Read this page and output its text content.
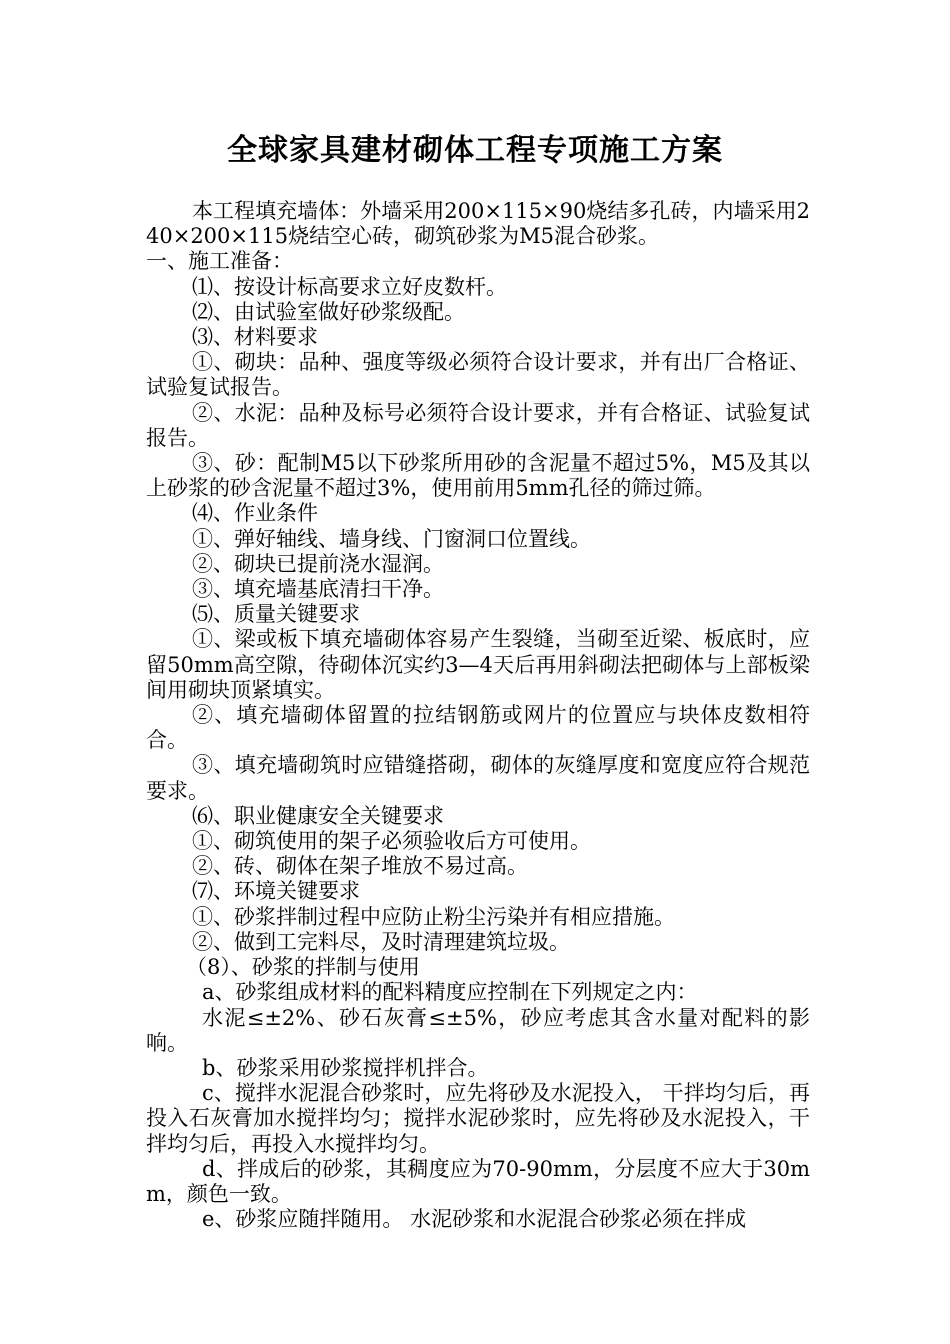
全球家具建材砌体工程专项施工方案

本工程填充墙体：外墙采用200×115×90烧结多孔砖，内墙采用240×200×115烧结空心砖，砌筑砂浆为M5混合砂浆。

一、施工准备：

⑴、按设计标高要求立好皮数杆。

⑵、由试验室做好砂浆级配。

⑶、材料要求

①、砌块：品种、强度等级必须符合设计要求，并有出厂合格证、试验复试报告。

②、水泥：品种及标号必须符合设计要求，并有合格证、试验复试报告。

③、砂：配制M5以下砂浆所用砂的含泥量不超过5%，M5及其以上砂浆的砂含泥量不超过3%，使用前用5mm孔径的筛过筛。

⑷、作业条件

①、弹好轴线、墙身线、门窗洞口位置线。

②、砌块已提前浇水湿润。

③、填充墙基底清扫干净。

⑸、质量关键要求

①、梁或板下填充墙砌体容易产生裂缝，当砌至近梁、板底时，应留50mm高空隙，待砌体沉实约3—4天后再用斜砌法把砌体与上部板梁间用砌块顶紧填实。

②、填充墙砌体留置的拉结钢筋或网片的位置应与块体皮数相符合。

③、填充墙砌筑时应错缝搭砌，砌体的灰缝厚度和宽度应符合规范要求。

⑹、职业健康安全关键要求

①、砌筑使用的架子必须验收后方可使用。

②、砖、砌体在架子堆放不易过高。

⑺、环境关键要求

①、砂浆拌制过程中应防止粉尘污染并有相应措施。

②、做到工完料尽，及时清理建筑垃圾。

（8）、砂浆的拌制与使用

a、砂浆组成材料的配料精度应控制在下列规定之内：

水泥≤±2%、砂石灰膏≤±5%，砂应考虑其含水量对配料的影响。

b、砂浆采用砂浆搅拌机拌合。

c、搅拌水泥混合砂浆时，应先将砂及水泥投入， 干拌均匀后，再投入石灰膏加水搅拌均匀；搅拌水泥砂浆时，应先将砂及水泥投入，干拌均匀后，再投入水搅拌均匀。

d、拌成后的砂浆，其稠度应为70-90mm，分层度不应大于30mm，颜色一致。

e、砂浆应随拌随用。 水泥砂浆和水泥混合砂浆必须在拌成
